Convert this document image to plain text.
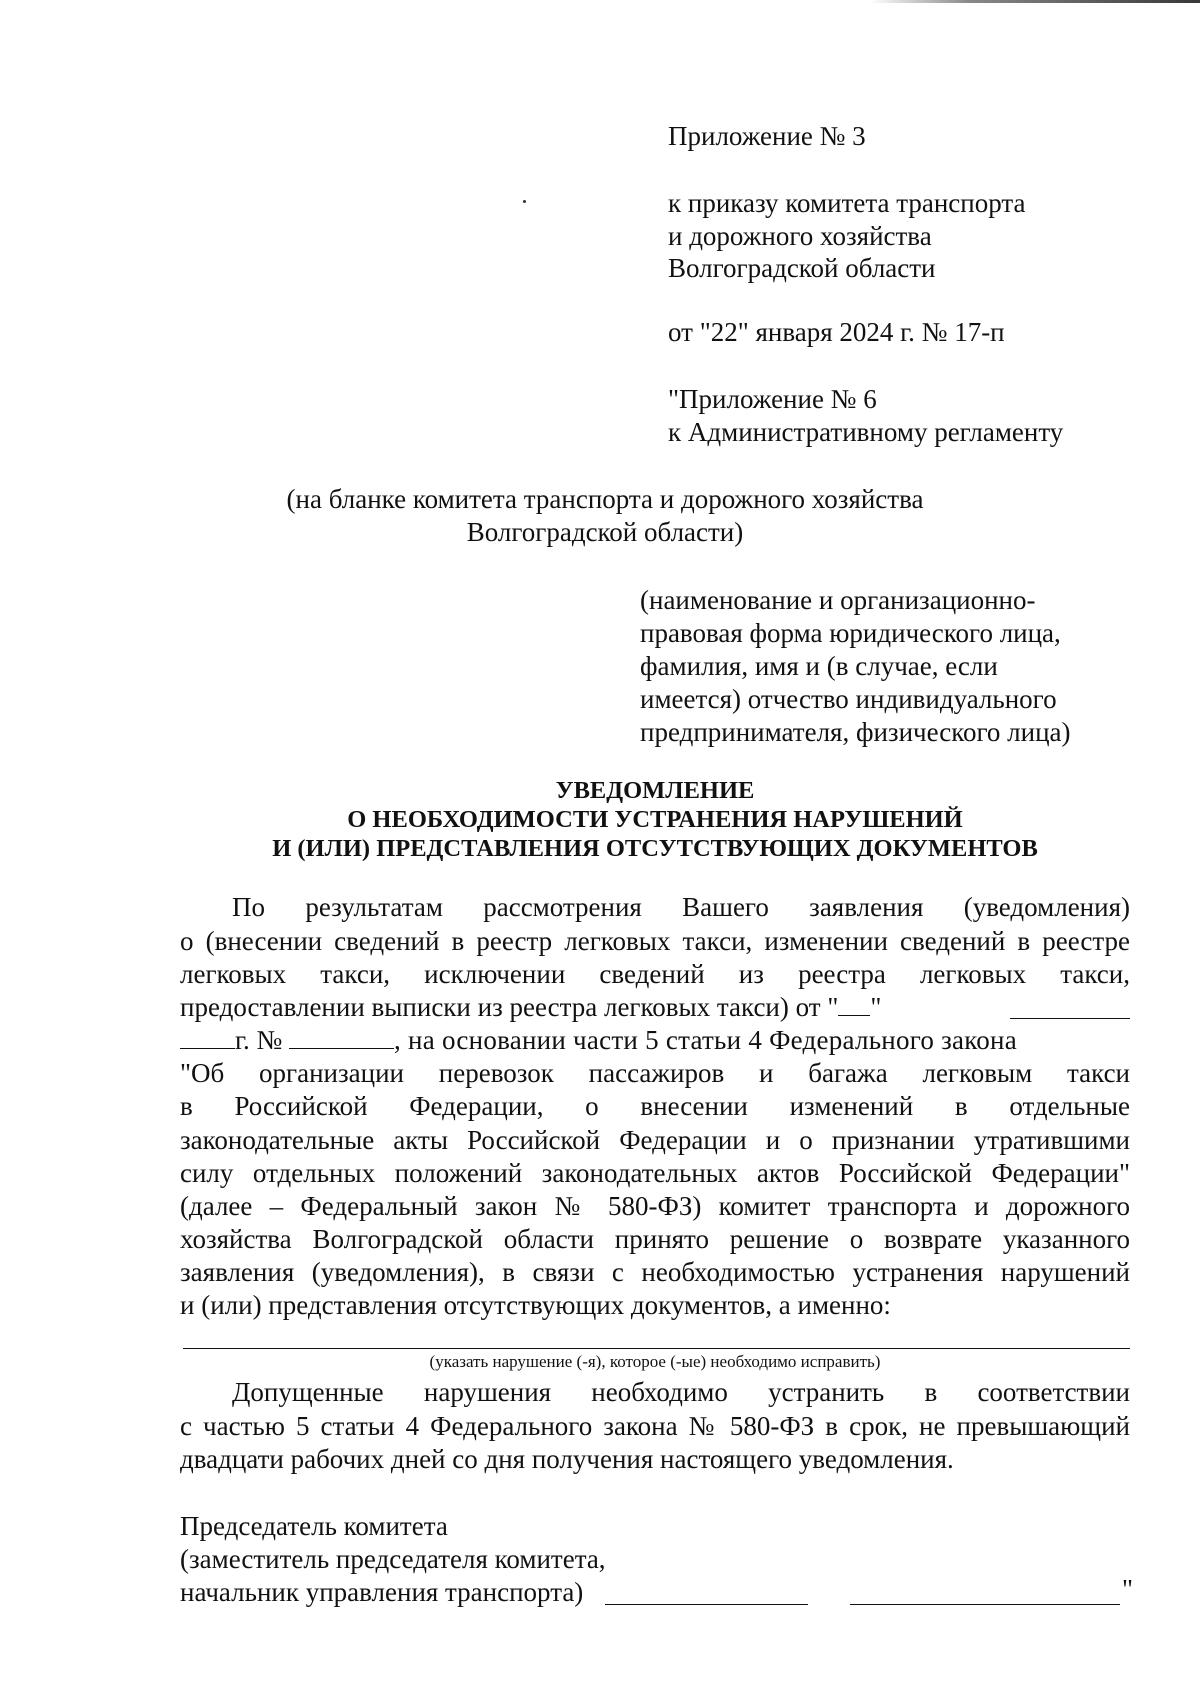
Приложение № 3
к приказу комитета транспорта
и дорожного хозяйства
Волгоградской области
от "22" января 2024 г. № 17-п
"Приложение № 6
к Административному регламенту
(на бланке комитета транспорта и дорожного хозяйства
Волгоградской области)
(наименование и организационно-
правовая форма юридического лица,
фамилия, имя и (в случае, если
имеется) отчество индивидуального
предпринимателя, физического лица)
УВЕДОМЛЕНИЕ
О НЕОБХОДИМОСТИ УСТРАНЕНИЯ НАРУШЕНИЙ
И (ИЛИ) ПРЕДСТАВЛЕНИЯ ОТСУТСТВУЮЩИХ ДОКУМЕНТОВ
По результатам рассмотрения Вашего заявления (уведомления)
о (внесении сведений в реестр легковых такси, изменении сведений в реестре
легковых такси, исключении сведений из реестра легковых такси,
предоставлении выписки из реестра легковых такси) от " "
г. №	, на основании части 5 статьи 4 Федерального закона
"Об организации перевозок пассажиров и багажа легковым такси
в Российской Федерации, о внесении изменений в отдельные
законодательные акты Российской Федерации и о признании утратившими
силу отдельных положений законодательных актов Российской Федерации"
(далее – Федеральный закон № 580-ФЗ) комитет транспорта и дорожного
хозяйства Волгоградской области принято решение о возврате указанного
заявления (уведомления), в связи с необходимостью устранения нарушений
и (или) представления отсутствующих документов, а именно:
(указать нарушение (-я), которое (-ые) необходимо исправить)
Допущенные нарушения необходимо устранить в соответствии
с частью 5 статьи 4 Федерального закона № 580-ФЗ в срок, не превышающий
двадцати рабочих дней со дня получения настоящего уведомления.
Председатель комитета
(заместитель председателя комитета,
начальник управления транспорта)	"
